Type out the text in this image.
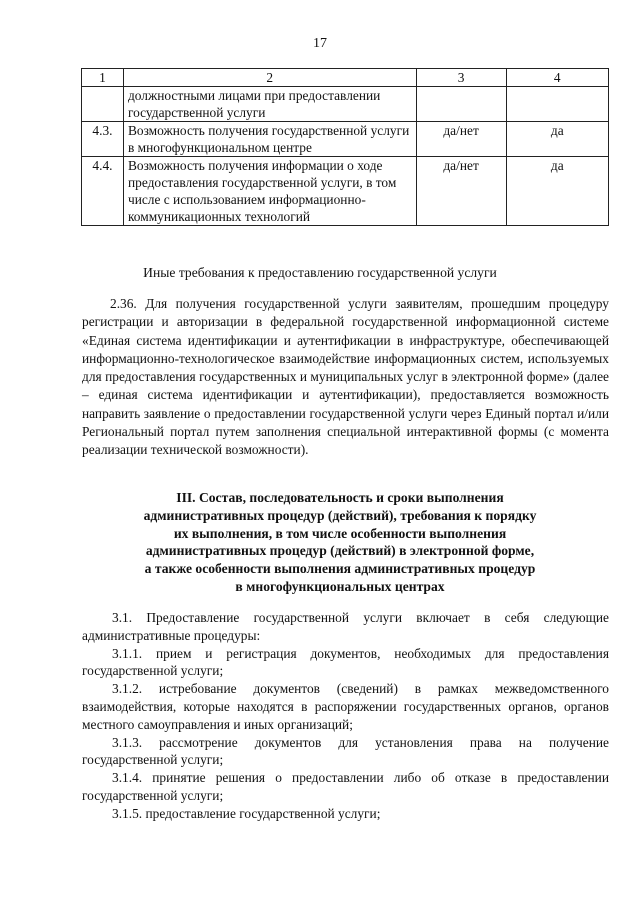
17
1	2	3	4
	должностными лицами при предоставлении государственной услуги		
4.3.	Возможность получения государственной услуги в многофункциональном центре	да/нет	да
4.4.	Возможность получения информации о ходе предоставления государственной услуги, в том числе с использованием информационно-коммуникационных технологий	да/нет	да
Иные требования к предоставлению государственной услуги

2.36. Для получения государственной услуги заявителям, прошедшим процедуру регистрации и авторизации в федеральной государственной информационной системе «Единая система идентификации и аутентификации в инфраструктуре, обеспечивающей информационно-технологическое взаимодействие информационных систем, используемых для предоставления государственных и муниципальных услуг в электронной форме» (далее – единая система идентификации и аутентификации), предоставляется возможность направить заявление о предоставлении государственной услуги через Единый портал и/или Региональный портал путем заполнения специальной интерактивной формы (с момента реализации технической возможности).

III. Состав, последовательность и сроки выполнения
административных процедур (действий), требования к порядку
их выполнения, в том числе особенности выполнения
административных процедур (действий) в электронной форме,
а также особенности выполнения административных процедур
в многофункциональных центрах

3.1. Предоставление государственной услуги включает в себя следующие административные процедуры:

3.1.1. прием и регистрация документов, необходимых для предоставления государственной услуги;

3.1.2. истребование документов (сведений) в рамках межведомственного взаимодействия, которые находятся в распоряжении государственных органов, органов местного самоуправления и иных организаций;

3.1.3. рассмотрение документов для установления права на получение государственной услуги;

3.1.4. принятие решения о предоставлении либо об отказе в предоставлении государственной услуги;

3.1.5. предоставление государственной услуги;
